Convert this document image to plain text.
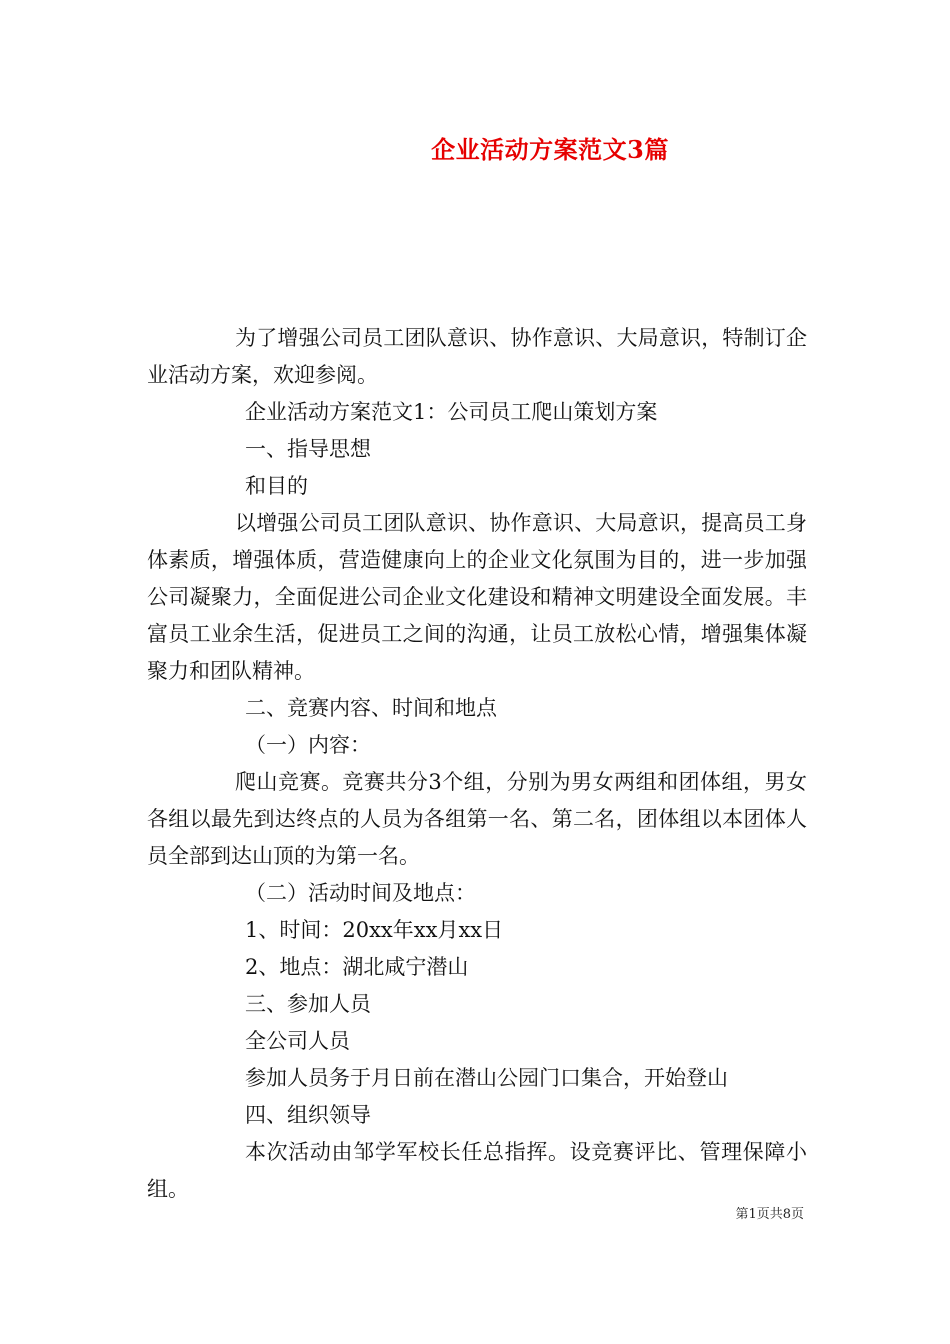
企业活动方案范文3篇

为了增强公司员工团队意识、协作意识、大局意识，特制订企业活动方案，欢迎参阅。

企业活动方案范文1：公司员工爬山策划方案

一、指导思想

和目的

以增强公司员工团队意识、协作意识、大局意识，提高员工身体素质，增强体质，营造健康向上的企业文化氛围为目的，进一步加强公司凝聚力，全面促进公司企业文化建设和精神文明建设全面发展。丰富员工业余生活，促进员工之间的沟通，让员工放松心情，增强集体凝聚力和团队精神。

二、竞赛内容、时间和地点

（一）内容：

爬山竞赛。竞赛共分3个组，分别为男女两组和团体组，男女各组以最先到达终点的人员为各组第一名、第二名，团体组以本团体人员全部到达山顶的为第一名。

（二）活动时间及地点：

1、时间：20xx年xx月xx日

2、地点：湖北咸宁潜山

三、参加人员

全公司人员

参加人员务于月日前在潜山公园门口集合，开始登山

四、组织领导

本次活动由邹学军校长任总指挥。设竞赛评比、管理保障小组。

第1页共8页
